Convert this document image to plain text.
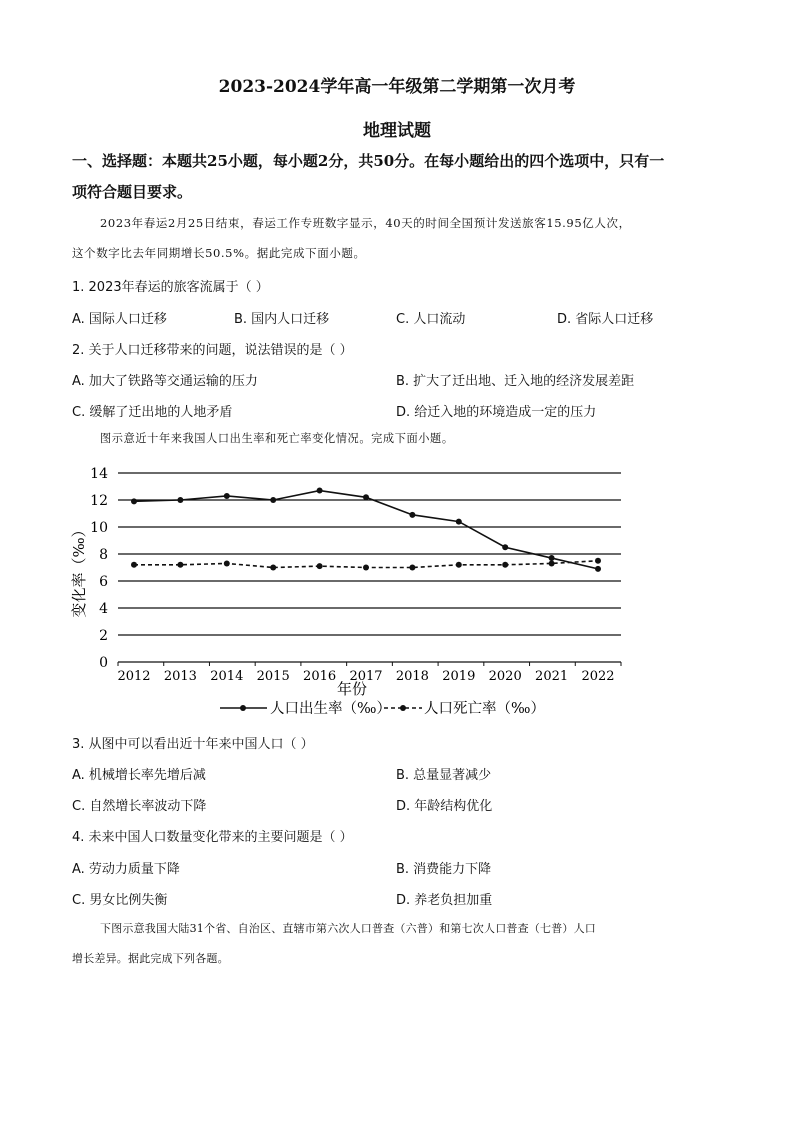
2023-2024学年高一年级第二学期第一次月考
地理试题
一、选择题：本题共25小题，每小题2分，共50分。在每小题给出的四个选项中，只有一
项符合题目要求。
2023年春运2月25日结束，春运工作专班数字显示，40天的时间全国预计发送旅客15.95亿人次，
这个数字比去年同期增长50.5%。据此完成下面小题。
1. 2023年春运的旅客流属于（ ）
A. 国际人口迁移	B. 国内人口迁移	C. 人口流动	D. 省际人口迁移
2. 关于人口迁移带来的问题，说法错误的是（ ）
A. 加大了铁路等交通运输的压力	B. 扩大了迁出地、迁入地的经济发展差距
C. 缓解了迁出地的人地矛盾	D. 给迁入地的环境造成一定的压力
图示意近十年来我国人口出生率和死亡率变化情况。完成下面小题。
0
2
4
6
8
10
12
14
2012 2013 2014 2015 2016 2017 2018 2019 2020 2021 2022
变化率（‰）
年份
人口出生率（‰） 人口死亡率（‰）
3. 从图中可以看出近十年来中国人口（ ）
A. 机械增长率先增后减	B. 总量显著减少
C. 自然增长率波动下降	D. 年龄结构优化
4. 未来中国人口数量变化带来的主要问题是（ ）
A. 劳动力质量下降	B. 消费能力下降
C. 男女比例失衡	D. 养老负担加重
下图示意我国大陆31个省、自治区、直辖市第六次人口普查（六普）和第七次人口普查（七普）人口
增长差异。据此完成下列各题。
